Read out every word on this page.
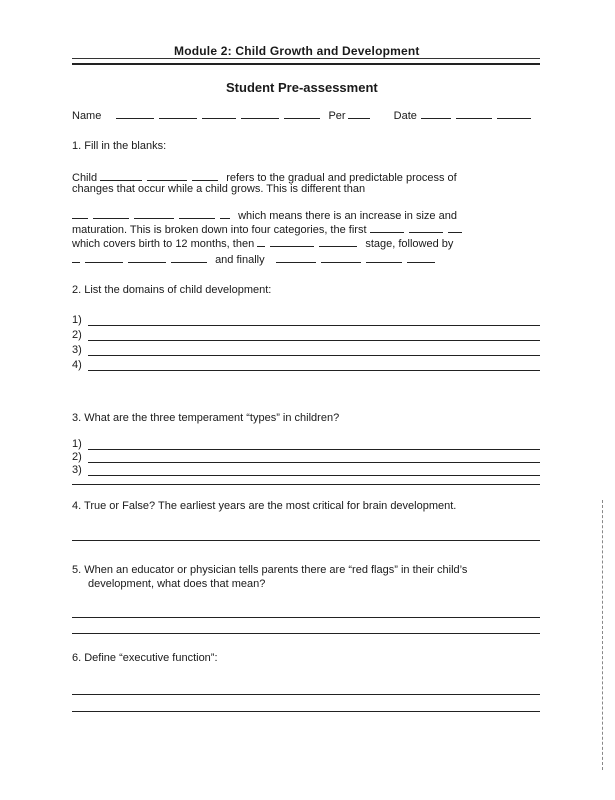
Module 2: Child Growth and Development
Student Pre-assessment
Name	Per	Date
1. Fill in the blanks:
Child	refers to the gradual and predictable process of
changes that occur while a child grows. This is different than
which means there is an increase in size and
maturation. This is broken down into four categories, the first
which covers birth to 12 months, then	stage, followed by
and finally
2. List the domains of child development:
1)
2)
3)
4)
3. What are the three temperament “types” in children?
1)
2)
3)
4. True or False? The earliest years are the most critical for brain development.
5. When an educator or physician tells parents there are “red flags” in their child’s
development, what does that mean?
6. Define “executive function”:
